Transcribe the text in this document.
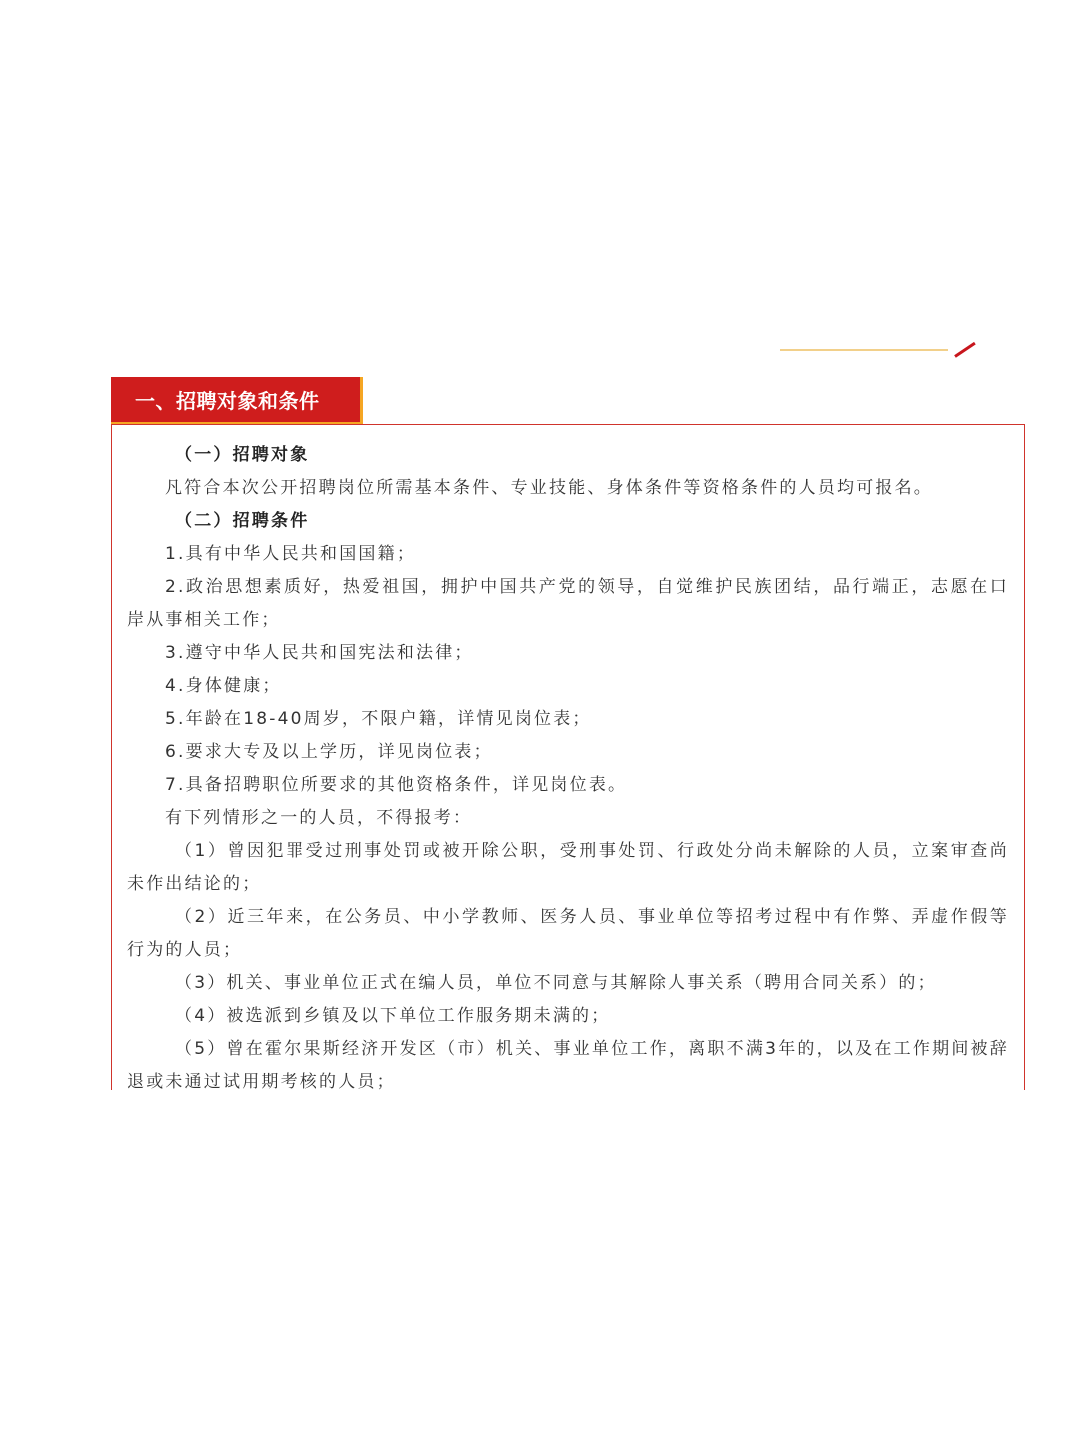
一、招聘对象和条件

（一）招聘对象

凡符合本次公开招聘岗位所需基本条件、专业技能、身体条件等资格条件的人员均可报名。

（二）招聘条件

1.具有中华人民共和国国籍；

2.政治思想素质好，热爱祖国，拥护中国共产党的领导，自觉维护民族团结，品行端正，志愿在口岸从事相关工作；

3.遵守中华人民共和国宪法和法律；

4.身体健康；

5.年龄在18-40周岁，不限户籍，详情见岗位表；

6.要求大专及以上学历，详见岗位表；

7.具备招聘职位所要求的其他资格条件，详见岗位表。

有下列情形之一的人员，不得报考：

（1）曾因犯罪受过刑事处罚或被开除公职，受刑事处罚、行政处分尚未解除的人员，立案审查尚未作出结论的；

（2）近三年来，在公务员、中小学教师、医务人员、事业单位等招考过程中有作弊、弄虚作假等行为的人员；

（3）机关、事业单位正式在编人员，单位不同意与其解除人事关系（聘用合同关系）的；

（4）被选派到乡镇及以下单位工作服务期未满的；

（5）曾在霍尔果斯经济开发区（市）机关、事业单位工作，离职不满3年的，以及在工作期间被辞退或未通过试用期考核的人员；
